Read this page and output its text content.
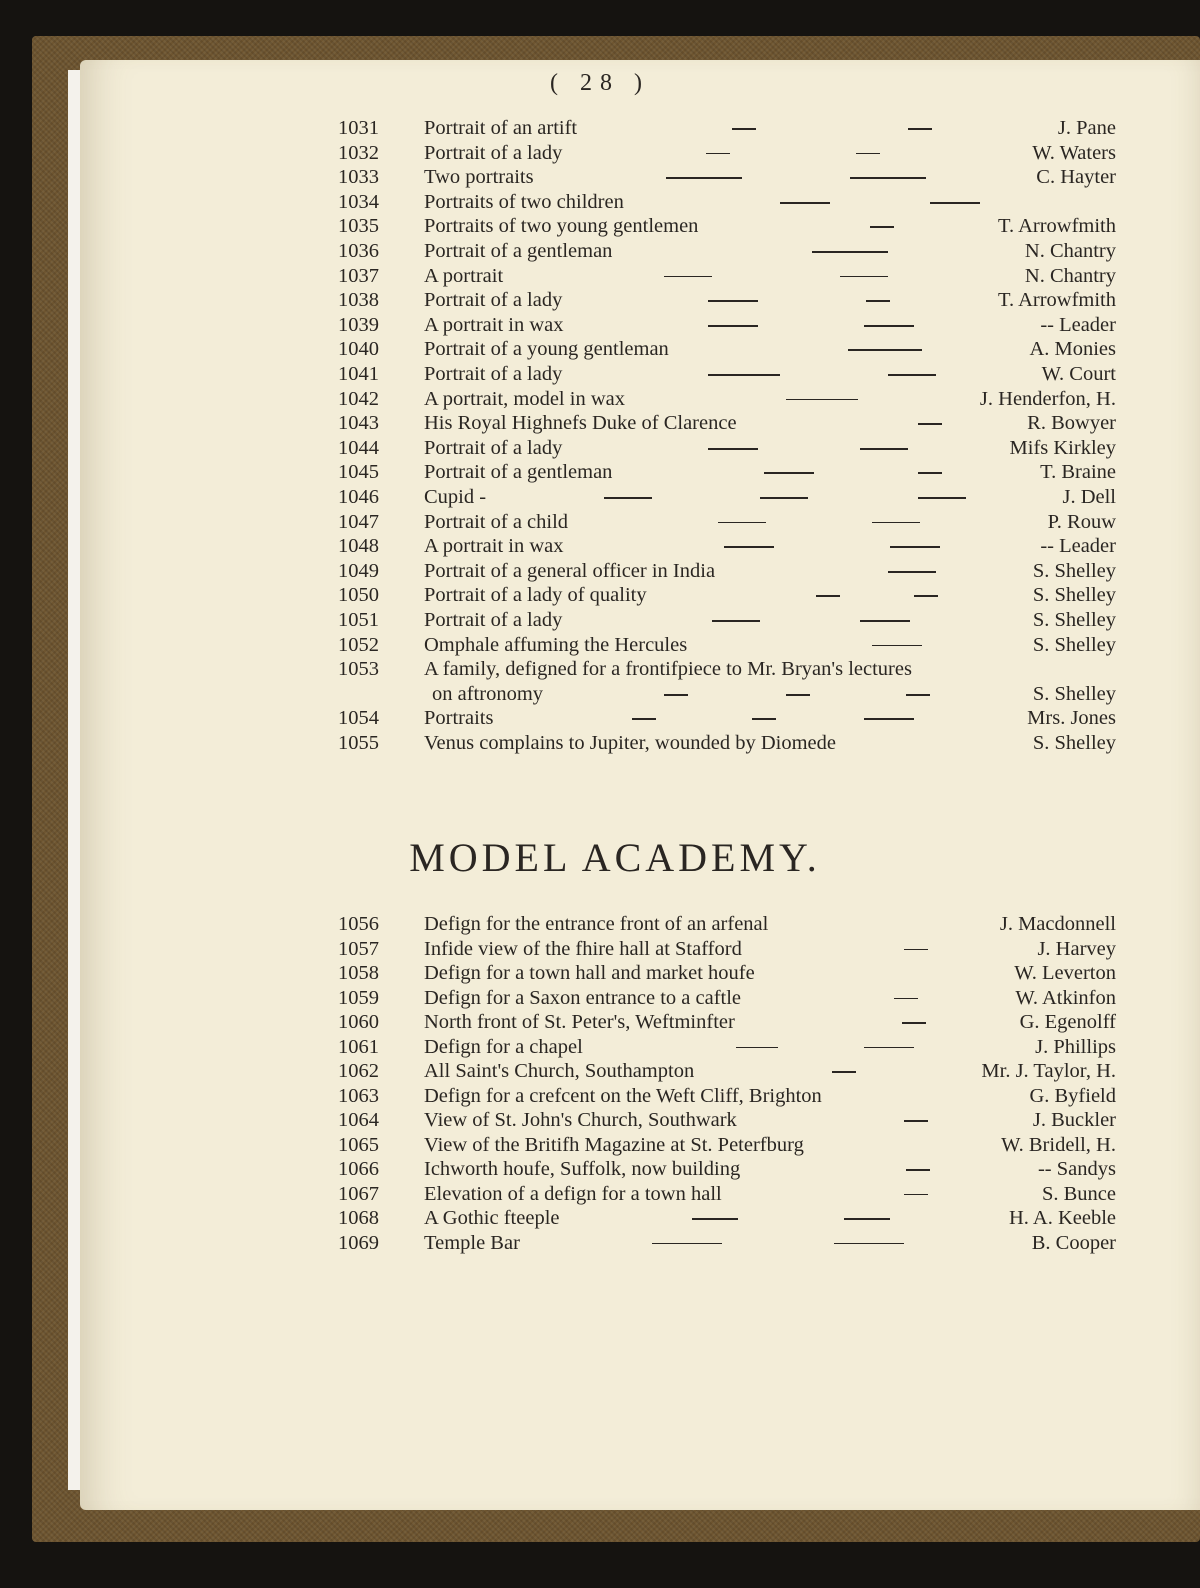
( 28 )
1031 Portrait of an artift	J. Pane
1032 Portrait of a lady	W. Waters
1033 Two portraits	C. Hayter
1034 Portraits of two children
1035 Portraits of two young gentlemen	T. Arrowfmith
1036 Portrait of a gentleman	N. Chantry
1037 A portrait	N. Chantry
1038 Portrait of a lady	T. Arrowfmith
1039 A portrait in wax	-- Leader
1040 Portrait of a young gentleman	A. Monies
1041 Portrait of a lady	W. Court
1042 A portrait, model in wax	J. Henderfon, H.
1043 His Royal Highnefs Duke of Clarence	R. Bowyer
1044 Portrait of a lady	Mifs Kirkley
1045 Portrait of a gentleman	T. Braine
1046 Cupid -	J. Dell
1047 Portrait of a child	P. Rouw
1048 A portrait in wax	-- Leader
1049 Portrait of a general officer in India	S. Shelley
1050 Portrait of a lady of quality	S. Shelley
1051 Portrait of a lady	S. Shelley
1052 Omphale affuming the Hercules	S. Shelley
1053 A family, defigned for a frontifpiece to Mr. Bryan's lectures
on aftronomy	S. Shelley
1054 Portraits	Mrs. Jones
1055 Venus complains to Jupiter, wounded by Diomede	S. Shelley
MODEL ACADEMY.
1056 Defign for the entrance front of an arfenal	J. Macdonnell
1057 Infide view of the fhire hall at Stafford	J. Harvey
1058 Defign for a town hall and market houfe	W. Leverton
1059 Defign for a Saxon entrance to a caftle	W. Atkinfon
1060 North front of St. Peter's, Weftminfter	G. Egenolff
1061 Defign for a chapel	J. Phillips
1062 All Saint's Church, Southampton	Mr. J. Taylor, H.
1063 Defign for a crefcent on the Weft Cliff, Brighton	G. Byfield
1064 View of St. John's Church, Southwark	J. Buckler
1065 View of the Britifh Magazine at St. Peterfburg	W. Bridell, H.
1066 Ichworth houfe, Suffolk, now building	-- Sandys
1067 Elevation of a defign for a town hall	S. Bunce
1068 A Gothic fteeple	H. A. Keeble
1069 Temple Bar	B. Cooper
